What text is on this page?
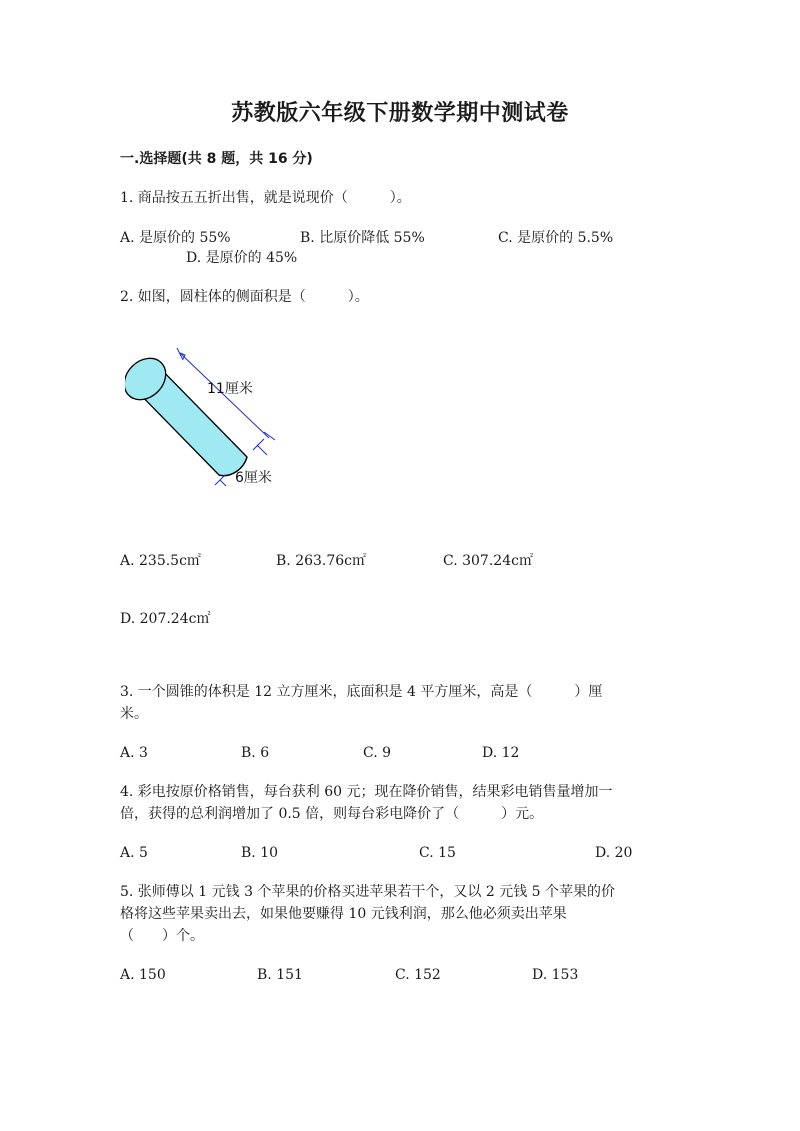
苏教版六年级下册数学期中测试卷
一.选择题(共 8 题，共 16 分)
1. 商品按五五折出售，就是说现价（　　　）。
A. 是原价的 55%	B. 比原价降低 55%	C. 是原价的 5.5%
D. 是原价的 45%
2. 如图，圆柱体的侧面积是（　　　）。
11厘米
6厘米
A. 235.5c㎡	B. 263.76c㎡	C. 307.24c㎡
D. 207.24c㎡
3. 一个圆锥的体积是 12 立方厘米，底面积是 4 平方厘米，高是（　　　）厘
米。
A. 3	B. 6	C. 9	D. 12
4. 彩电按原价格销售，每台获利 60 元；现在降价销售，结果彩电销售量增加一
倍，获得的总利润增加了 0.5 倍，则每台彩电降价了（　　　）元。
A. 5	B. 10	C. 15	D. 20
5. 张师傅以 1 元钱 3 个苹果的价格买进苹果若干个，又以 2 元钱 5 个苹果的价
格将这些苹果卖出去，如果他要赚得 10 元钱利润，那么他必须卖出苹果
（　　）个。
A. 150	B. 151	C. 152	D. 153
